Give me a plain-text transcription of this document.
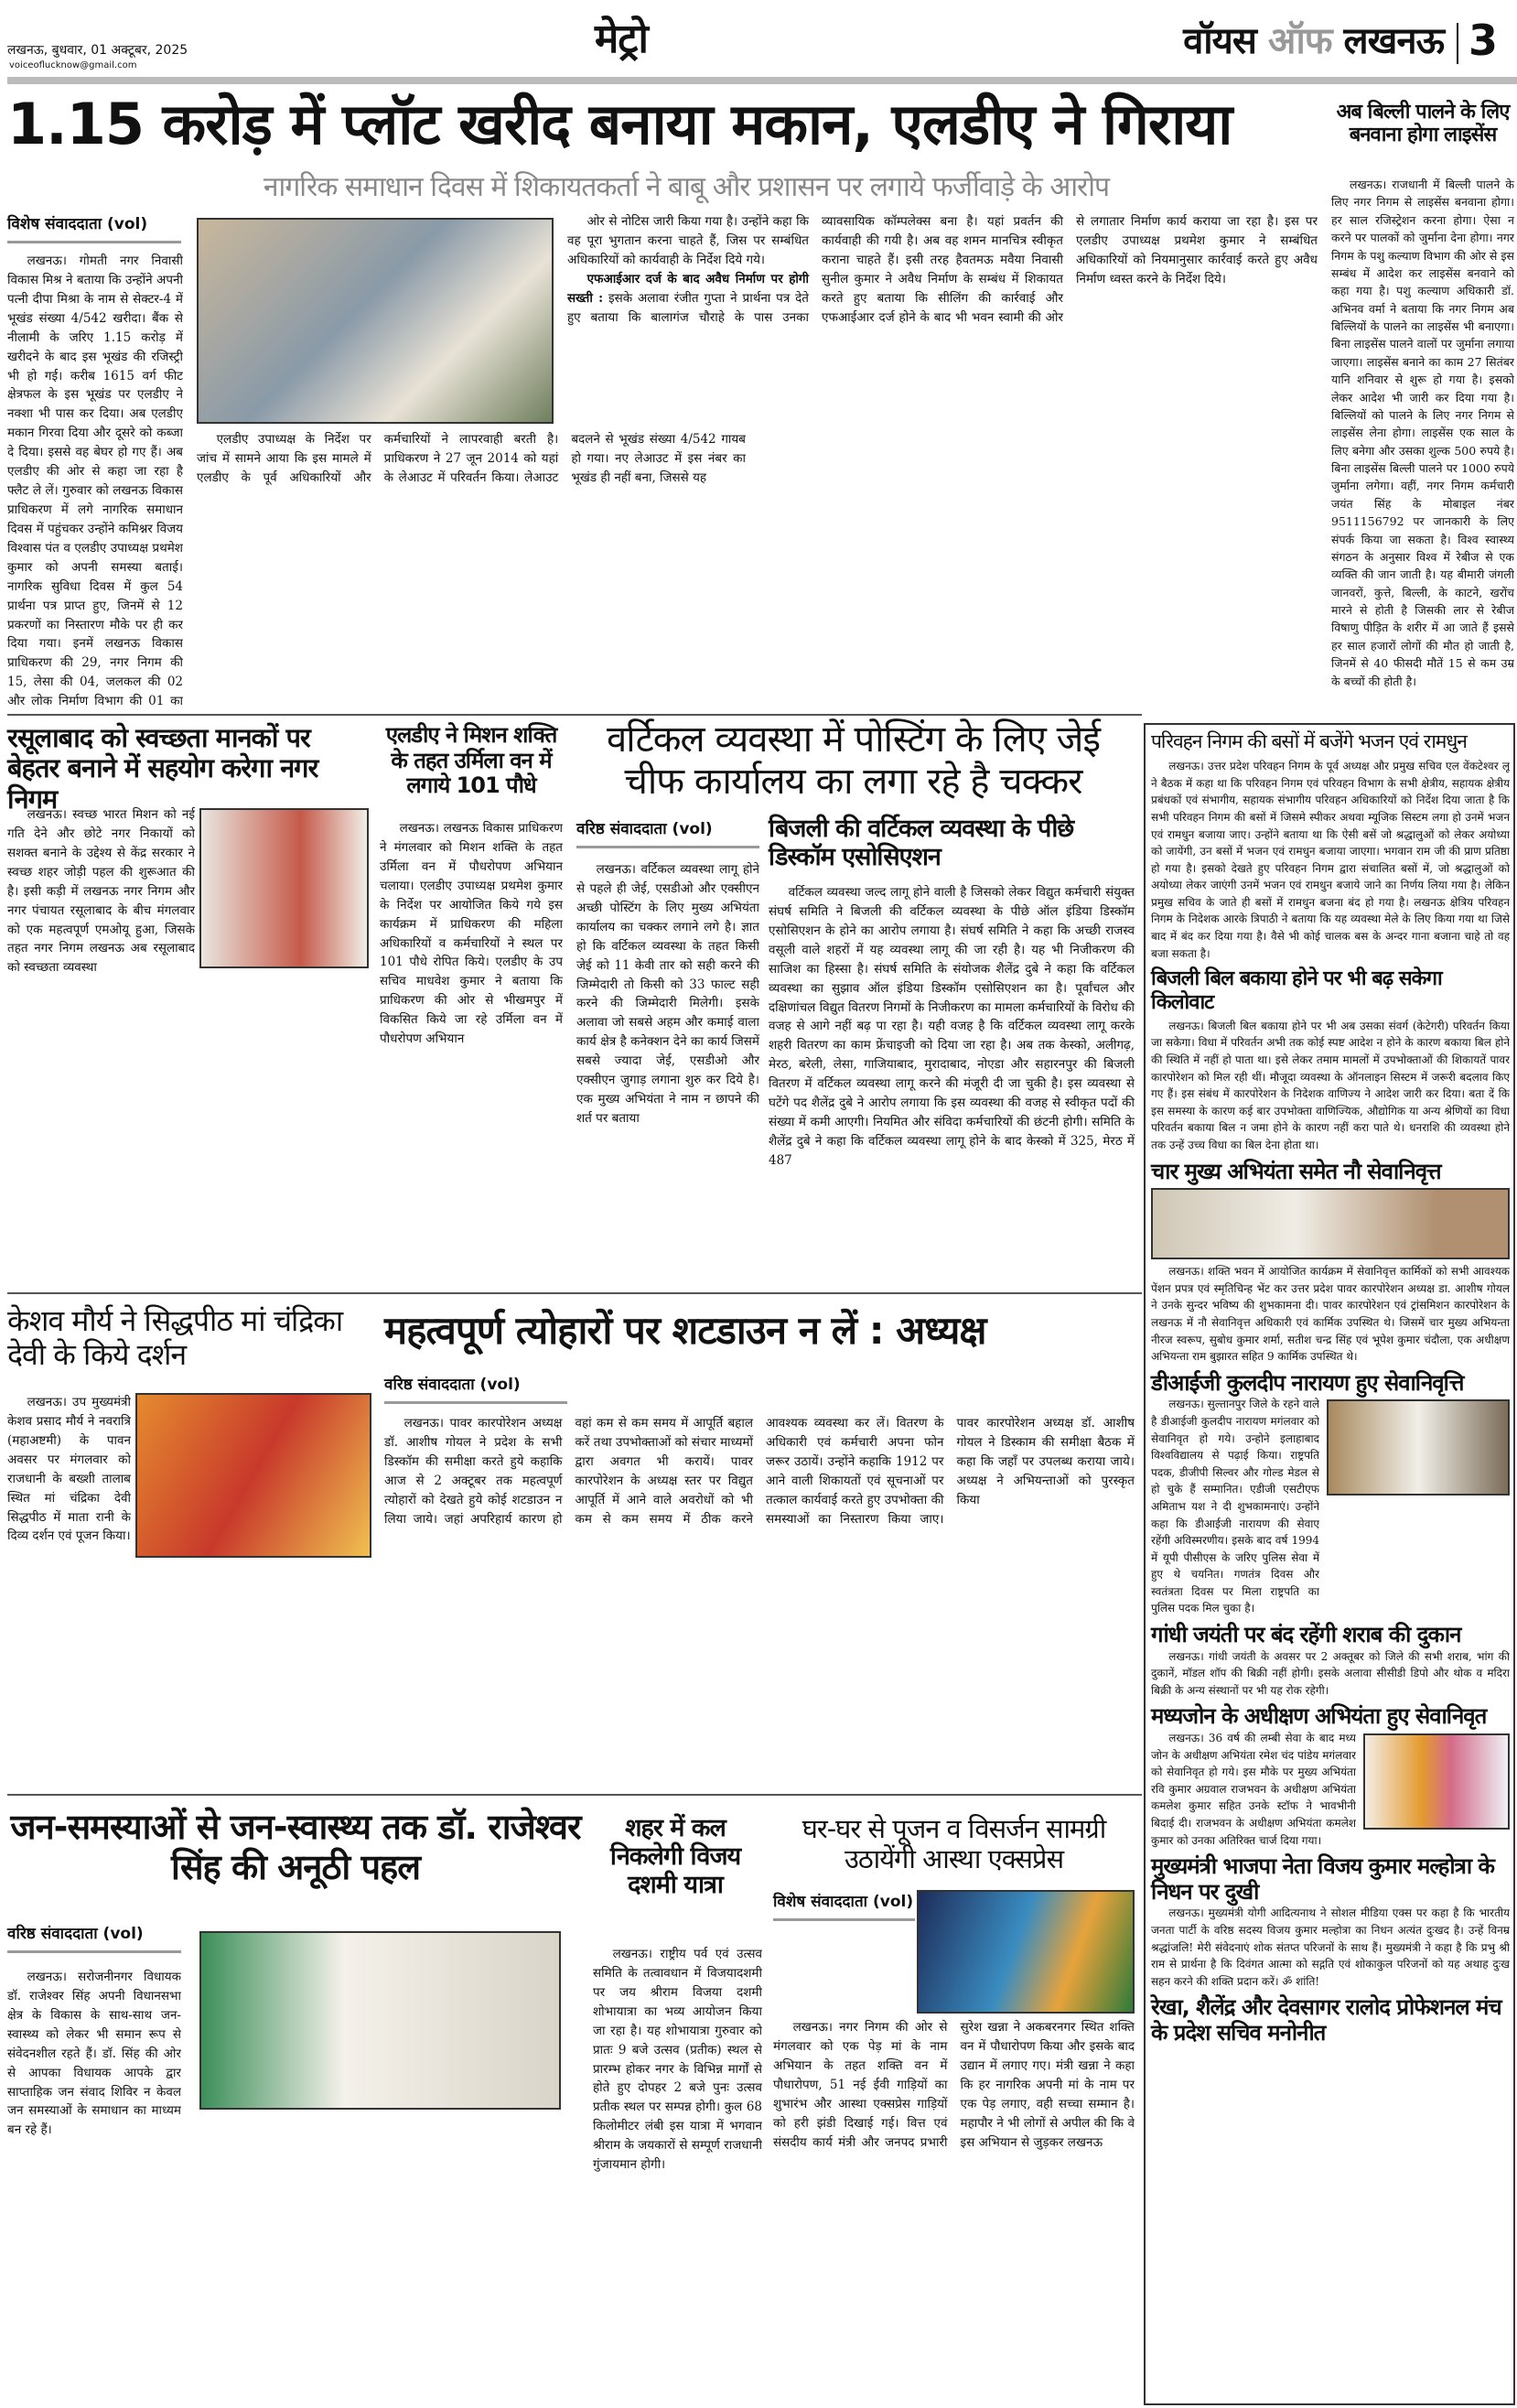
लखनऊ, बुधवार, 01 अक्टूबर, 2025
voiceoflucknow@gmail.com
मेट्रो	वॉयस ऑफ लखनऊ 3
1.15 करोड़ में प्लॉट खरीद बनाया मकान, एलडीए ने गिराया
नागरिक समाधान दिवस में शिकायतकर्ता ने बाबू और प्रशासन पर लगाये फर्जीवाड़े के आरोप
विशेष संवाददाता (vol)

लखनऊ। गोमती नगर निवासी विकास मिश्र ने बताया कि उन्होंने अपनी पत्नी दीपा मिश्रा के नाम से सेक्टर-4 में भूखंड संख्या 4/542 खरीदा। बैंक से नीलामी के जरिए 1.15 करोड़ में खरीदने के बाद इस भूखंड की रजिस्ट्री भी हो गई। करीब 1615 वर्ग फीट क्षेत्रफल के इस भूखंड पर एलडीए ने नक्शा भी पास कर दिया। अब एलडीए मकान गिरवा दिया और दूसरे को कब्जा दे दिया। इससे वह बेघर हो गए हैं। अब एलडीए की ओर से कहा जा रहा है फ्लैट ले लें। गुरुवार को लखनऊ विकास प्राधिकरण में लगे नागरिक समाधान दिवस में पहुंचकर उन्होंने कमिश्नर विजय विश्वास पंत व एलडीए उपाध्यक्ष प्रथमेश कुमार को अपनी समस्या बताई। नागरिक सुविधा दिवस में कुल 54 प्रार्थना पत्र प्राप्त हुए, जिनमें से 12 प्रकरणों का निस्तारण मौके पर ही कर दिया गया। इनमें लखनऊ विकास प्राधिकरण की 29, नगर निगम की 15, लेसा की 04, जलकल की 02 और लोक निर्माण विभाग की 01 का

एलडीए उपाध्यक्ष के निर्देश पर जांच में सामने आया कि इस मामले में एलडीए के पूर्व अधिकारियों और कर्मचारियों ने लापरवाही बरती है। प्राधिकरण ने 27 जून 2014 को यहां के लेआउट में परिवर्तन किया। लेआउट बदलने से भूखंड संख्या 4/542 गायब हो गया। नए लेआउट में इस नंबर का भूखंड ही नहीं बना, जिससे यह

ओर से नोटिस जारी किया गया है। उन्होंने कहा कि वह पूरा भुगतान करना चाहते हैं, जिस पर सम्बंधित अधिकारियों को कार्यवाही के निर्देश दिये गये।

एफआईआर दर्ज के बाद अवैध निर्माण पर होगी सख्ती : इसके अलावा रंजीत गुप्ता ने प्रार्थना पत्र देते हुए बताया कि बालागंज चौराहे के पास उनका व्यावसायिक कॉम्पलेक्स बना है। यहां प्रवर्तन की कार्यवाही की गयी है। अब वह शमन मानचित्र स्वीकृत कराना चाहते हैं। इसी तरह हैवतमऊ मवैया निवासी सुनील कुमार ने अवैध निर्माण के सम्बंध में शिकायत करते हुए बताया कि सीलिंग की कार्रवाई और एफआईआर दर्ज होने के बाद भी भवन स्वामी की ओर से लगातार निर्माण कार्य कराया जा रहा है। इस पर एलडीए उपाध्यक्ष प्रथमेश कुमार ने सम्बंधित अधिकारियों को नियमानुसार कार्रवाई करते हुए अवैध निर्माण ध्वस्त करने के निर्देश दिये।

अब बिल्ली पालने के लिए बनवाना होगा लाइसेंस

लखनऊ। राजधानी में बिल्ली पालने के लिए नगर निगम से लाइसेंस बनवाना होगा। हर साल रजिस्ट्रेशन करना होगा। ऐसा न करने पर पालकों को जुर्माना देना होगा। नगर निगम के पशु कल्याण विभाग की ओर से इस सम्बंध में आदेश कर लाइसेंस बनवाने को कहा गया है। पशु कल्याण अधिकारी डॉ. अभिनव वर्मा ने बताया कि नगर निगम अब बिल्लियों के पालने का लाइसेंस भी बनाएगा। बिना लाइसेंस पालने वालों पर जुर्माना लगाया जाएगा। लाइसेंस बनाने का काम 27 सितंबर यानि शनिवार से शुरू हो गया है। इसको लेकर आदेश भी जारी कर दिया गया है। बिल्लियों को पालने के लिए नगर निगम से लाइसेंस लेना होगा। लाइसेंस एक साल के लिए बनेगा और उसका शुल्क 500 रुपये है। बिना लाइसेंस बिल्ली पालने पर 1000 रुपये जुर्माना लगेगा। वहीं, नगर निगम कर्मचारी जयंत सिंह के मोबाइल नंबर 9511156792 पर जानकारी के लिए संपर्क किया जा सकता है। विश्व स्वास्थ्य संगठन के अनुसार विश्व में रेबीज से एक व्यक्ति की जान जाती है। यह बीमारी जंगली जानवरों, कुत्ते, बिल्ली, के काटने, खरोंच मारने से होती है जिसकी लार से रेबीज विषाणु पीड़ित के शरीर में आ जाते हैं इससे हर साल हजारों लोगों की मौत हो जाती है, जिनमें से 40 फीसदी मौतें 15 से कम उम्र के बच्चों की होती है।

रसूलाबाद को स्वच्छता मानकों पर बेहतर बनाने में सहयोग करेगा नगर निगम

लखनऊ। स्वच्छ भारत मिशन को नई गति देने और छोटे नगर निकायों को सशक्त बनाने के उद्देश्य से केंद्र सरकार ने स्वच्छ शहर जोड़ी पहल की शुरूआत की है। इसी कड़ी में लखनऊ नगर निगम और नगर पंचायत रसूलाबाद के बीच मंगलवार को एक महत्वपूर्ण एमओयू हुआ, जिसके तहत नगर निगम लखनऊ अब रसूलाबाद को स्वच्छता व्यवस्था

एलडीए ने मिशन शक्ति के तहत उर्मिला वन में लगाये 101 पौधे

लखनऊ। लखनऊ विकास प्राधिकरण ने मंगलवार को मिशन शक्ति के तहत उर्मिला वन में पौधरोपण अभियान चलाया। एलडीए उपाध्यक्ष प्रथमेश कुमार के निर्देश पर आयोजित किये गये इस कार्यक्रम में प्राधिकरण की महिला अधिकारियों व कर्मचारियों ने स्थल पर 101 पौधे रोपित किये। एलडीए के उप सचिव माधवेश कुमार ने बताया कि प्राधिकरण की ओर से भीखमपुर में विकसित किये जा रहे उर्मिला वन में पौधरोपण अभियान

वर्टिकल व्यवस्था में पोस्टिंग के लिए जेई चीफ कार्यालय का लगा रहे है चक्कर
वरिष्ठ संवाददाता (vol)

लखनऊ। वर्टिकल व्यवस्था लागू होने से पहले ही जेई, एसडीओ और एक्सीएन अच्छी पोस्टिंग के लिए मुख्य अभियंता कार्यालय का चक्कर लगाने लगे है। ज्ञात हो कि वर्टिकल व्यवस्था के तहत किसी जेई को 11 केवी तार को सही करने की जिम्मेदारी तो किसी को 33 फाल्ट सही करने की जिम्मेदारी मिलेगी। इसके अलावा जो सबसे अहम और कमाई वाला कार्य क्षेत्र है कनेक्शन देने का कार्य जिसमें सबसे ज्यादा जेई, एसडीओ और एक्सीएन जुगाड़ लगाना शुरु कर दिये है। एक मुख्य अभियंता ने नाम न छापने की शर्त पर बताया

बिजली की वर्टिकल व्यवस्था के पीछे डिस्कॉम एसोसिएशन

वर्टिकल व्यवस्था जल्द लागू होने वाली है जिसको लेकर विद्युत कर्मचारी संयुक्त संघर्ष समिति ने बिजली की वर्टिकल व्यवस्था के पीछे ऑल इंडिया डिस्कॉम एसोसिएशन के होने का आरोप लगाया है। संघर्ष समिति ने कहा कि अच्छी राजस्व वसूली वाले शहरों में यह व्यवस्था लागू की जा रही है। यह भी निजीकरण की साजिश का हिस्सा है। संघर्ष समिति के संयोजक शैलेंद्र दुबे ने कहा कि वर्टिकल व्यवस्था का सुझाव ऑल इंडिया डिस्कॉम एसोसिएशन का है। पूर्वांचल और दक्षिणांचल विद्युत वितरण निगमों के निजीकरण का मामला कर्मचारियों के विरोध की वजह से आगे नहीं बढ़ पा रहा है। यही वजह है कि वर्टिकल व्यवस्था लागू करके शहरी वितरण का काम फ्रेंचाइजी को दिया जा रहा है। अब तक केस्को, अलीगढ़, मेरठ, बरेली, लेसा, गाजियाबाद, मुरादाबाद, नोएडा और सहारनपुर की बिजली वितरण में वर्टिकल व्यवस्था लागू करने की मंजूरी दी जा चुकी है। इस व्यवस्था से घटेंगे पद शैलेंद्र दुबे ने आरोप लगाया कि इस व्यवस्था की वजह से स्वीकृत पदों की संख्या में कमी आएगी। नियमित और संविदा कर्मचारियों की छंटनी होगी। समिति के शैलेंद्र दुबे ने कहा कि वर्टिकल व्यवस्था लागू होने के बाद केस्को में 325, मेरठ में 487

केशव मौर्य ने सिद्धपीठ मां चंद्रिका देवी के किये दर्शन

लखनऊ। उप मुख्यमंत्री केशव प्रसाद मौर्य ने नवरात्रि (महाअष्टमी) के पावन अवसर पर मंगलवार को राजधानी के बख्शी तालाब स्थित मां चंद्रिका देवी सिद्धपीठ में माता रानी के दिव्य दर्शन एवं पूजन किया।

महत्वपूर्ण त्योहारों पर शटडाउन न लें : अध्यक्ष
वरिष्ठ संवाददाता (vol)

लखनऊ। पावर कारपोरेशन अध्यक्ष डॉ. आशीष गोयल ने प्रदेश के सभी डिस्कॉम की समीक्षा करते हुये कहाकि आज से 2 अक्टूबर तक महत्वपूर्ण त्योहारों को देखते हुये कोई शटडाउन न लिया जाये। जहां अपरिहार्य कारण हो वहां कम से कम समय में आपूर्ति बहाल करें तथा उपभोक्ताओं को संचार माध्यमों द्वारा अवगत भी करायें। पावर कारपोरेशन के अध्यक्ष स्तर पर विद्युत आपूर्ति में आने वाले अवरोधों को भी कम से कम समय में ठीक करने आवश्यक व्यवस्था कर लें। वितरण के अधिकारी एवं कर्मचारी अपना फोन जरूर उठायें। उन्होंने कहाकि 1912 पर आने वाली शिकायतों एवं सूचनाओं पर तत्काल कार्यवाई करते हुए उपभोक्ता की समस्याओं का निस्तारण किया जाए। पावर कारपोरेशन अध्यक्ष डॉ. आशीष गोयल ने डिस्काम की समीक्षा बैठक में कहा कि जहाँ पर उपलब्ध कराया जाये। अध्यक्ष ने अभियन्ताओं को पुरस्कृत किया

जन-समस्याओं से जन-स्वास्थ्य तक डॉ. राजेश्वर सिंह की अनूठी पहल
वरिष्ठ संवाददाता (vol)

लखनऊ। सरोजनीनगर विधायक डॉ. राजेश्वर सिंह अपनी विधानसभा क्षेत्र के विकास के साथ-साथ जन-स्वास्थ्य को लेकर भी समान रूप से संवेदनशील रहते हैं। डॉ. सिंह की ओर से आपका विधायक आपके द्वार साप्ताहिक जन संवाद शिविर न केवल जन समस्याओं के समाधान का माध्यम बन रहे हैं।

शहर में कल निकलेगी विजय दशमी यात्रा

लखनऊ। राष्ट्रीय पर्व एवं उत्सव समिति के तत्वावधान में विजयादशमी पर जय श्रीराम विजया दशमी शोभायात्रा का भव्य आयोजन किया जा रहा है। यह शोभायात्रा गुरुवार को प्रातः 9 बजे उत्सव (प्रतीक) स्थल से प्रारम्भ होकर नगर के विभिन्न मार्गों से होते हुए दोपहर 2 बजे पुनः उत्सव प्रतीक स्थल पर सम्पन्न होगी। कुल 68 किलोमीटर लंबी इस यात्रा में भगवान श्रीराम के जयकारों से सम्पूर्ण राजधानी गुंजायमान होगी।

घर-घर से पूजन व विसर्जन सामग्री उठायेंगी आस्था एक्सप्रेस
विशेष संवाददाता (vol)

लखनऊ। नगर निगम की ओर से मंगलवार को एक पेड़ मां के नाम अभियान के तहत शक्ति वन में पौधारोपण, 51 नई ईवी गाड़ियों का शुभारंभ और आस्था एक्सप्रेस गाड़ियों को हरी झंडी दिखाई गई। वित्त एवं संसदीय कार्य मंत्री और जनपद प्रभारी सुरेश खन्ना ने अकबरनगर स्थित शक्ति वन में पौधारोपण किया और इसके बाद उद्यान में लगाए गए। मंत्री खन्ना ने कहा कि हर नागरिक अपनी मां के नाम पर एक पेड़ लगाए, वही सच्चा सम्मान है। महापौर ने भी लोगों से अपील की कि वे इस अभियान से जुड़कर लखनऊ

परिवहन निगम की बसों में बजेंगे भजन एवं रामधुन

लखनऊ। उत्तर प्रदेश परिवहन निगम के पूर्व अध्यक्ष और प्रमुख सचिव एल वेंकटेश्वर लू ने बैठक में कहा था कि परिवहन निगम एवं परिवहन विभाग के सभी क्षेत्रीय, सहायक क्षेत्रीय प्रबंधकों एवं संभागीय, सहायक संभागीय परिवहन अधिकारियों को निर्देश दिया जाता है कि सभी परिवहन निगम की बसों में जिसमे स्पीकर अथवा म्यूजिक सिस्टम लगा हो उनमें भजन एवं रामधुन बजाया जाए। उन्होंने बताया था कि ऐसी बसें जो श्रद्धालुओं को लेकर अयोध्या को जायेंगी, उन बसों में भजन एवं रामधुन बजाया जाएगा। भगवान राम जी की प्राण प्रतिष्ठा हो गया है। इसको देखते हुए परिवहन निगम द्वारा संचालित बसों में, जो श्रद्धालुओं को अयोध्या लेकर जाएंगी उनमें भजन एवं रामधुन बजाये जाने का निर्णय लिया गया है। लेकिन प्रमुख सचिव के जाते ही बसों में रामधुन बजना बंद हो गया है। लखनऊ क्षेत्रिय परिवहन निगम के निदेशक आरके त्रिपाठी ने बताया कि यह व्यवस्था मेले के लिए किया गया था जिसे बाद में बंद कर दिया गया है। वैसे भी कोई चालक बस के अन्दर गाना बजाना चाहे तो वह बजा सकता है।

बिजली बिल बकाया होने पर भी बढ़ सकेगा किलोवाट

लखनऊ। बिजली बिल बकाया होने पर भी अब उसका संवर्ग (केटेगरी) परिवर्तन किया जा सकेगा। विधा में परिवर्तन अभी तक कोई स्पष्ट आदेश न होने के कारण बकाया बिल होने की स्थिति में नहीं हो पाता था। इसे लेकर तमाम मामलों में उपभोक्ताओं की शिकायतें पावर कारपोरेशन को मिल रही थीं। मौजूदा व्यवस्था के ऑनलाइन सिस्टम में जरूरी बदलाव किए गए हैं। इस संबंध में कारपोरेशन के निदेशक वाणिज्य ने आदेश जारी कर दिया। बता दें कि इस समस्या के कारण कई बार उपभोक्ता वाणिज्यिक, औद्योगिक या अन्य श्रेणियों का विधा परिवर्तन बकाया बिल न जमा होने के कारण नहीं करा पाते थे। धनराशि की व्यवस्था होने तक उन्हें उच्च विधा का बिल देना होता था।

चार मुख्य अभियंता समेत नौ सेवानिवृत्त

लखनऊ। शक्ति भवन में आयोजित कार्यक्रम में सेवानिवृत्त कार्मिकों को सभी आवश्यक पेंशन प्रपत्र एवं स्मृतिचिन्ह भेंट कर उत्तर प्रदेश पावर कारपोरेशन अध्यक्ष डा. आशीष गोयल ने उनके सुन्दर भविष्य की शुभकामना दी। पावर कारपोरेशन एवं ट्रांसमिशन कारपोरेशन के लखनऊ में नौ सेवानिवृत्त अधिकारी एवं कार्मिक उपस्थित थे। जिसमें चार मुख्य अभियन्ता नीरज स्वरूप, सुबोध कुमार शर्मा, सतीश चन्द्र सिंह एवं भूपेश कुमार चंदौला, एक अधीक्षण अभियन्ता राम बुझारत सहित 9 कार्मिक उपस्थित थे।

डीआईजी कुलदीप नारायण हुए सेवानिवृत्ति

लखनऊ। सुल्तानपुर जिले के रहने वाले है डीआईजी कुलदीप नारायण मगंलवार को सेवानिवृत हो गये। उन्होने इलाहाबाद विश्वविद्यालय से पढ़ाई किया। राष्ट्रपति पदक, डीजीपी सिल्वर और गोल्ड मेडल से हो चुके हैं सम्मानित। एडीजी एसटीएफ अमिताभ यश ने दी शुभकामनाएं। उन्होंने कहा कि डीआईजी नारायण की सेवाए रहेंगी अविस्मरणीय। इसके बाद वर्ष 1994 में यूपी पीसीएस के जरिए पुलिस सेवा में हुए थे चयनित। गणतंत्र दिवस और स्वतंत्रता दिवस पर मिला राष्ट्रपति का पुलिस पदक मिल चुका है।

गांधी जयंती पर बंद रहेंगी शराब की दुकान

लखनऊ। गांधी जयंती के अवसर पर 2 अक्तूबर को जिले की सभी शराब, भांग की दुकानें, मॉडल शॉप की बिक्री नहीं होगी। इसके अलावा सीसीडी डिपो और थोक व मदिरा बिक्री के अन्य संस्थानों पर भी यह रोक रहेगी।

मध्यजोन के अधीक्षण अभियंता हुए सेवानिवृत

लखनऊ। 36 वर्ष की लम्बी सेवा के बाद मध्य जोन के अधीक्षण अभियंता रमेश चंद पांडेय मगंलवार को सेवानिवृत हो गये। इस मौके पर मुख्य अभियंता रवि कुमार अग्रवाल राजभवन के अधीक्षण अभियंता कमलेश कुमार सहित उनके स्टॉफ ने भावभीनी बिदाई दी। राजभवन के अधीक्षण अभियंता कमलेश कुमार को उनका अतिरिक्त चार्ज दिया गया।

मुख्यमंत्री भाजपा नेता विजय कुमार मल्होत्रा के निधन पर दुखी

लखनऊ। मुख्यमंत्री योगी आदित्यनाथ ने सोशल मीडिया एक्स पर कहा है कि भारतीय जनता पार्टी के वरिष्ठ सदस्य विजय कुमार मल्होत्रा का निधन अत्यंत दुःखद है। उन्हें विनम्र श्रद्धांजलि! मेरी संवेदनाएं शोक संतप्त परिजनों के साथ हैं। मुख्यमंत्री ने कहा है कि प्रभु श्री राम से प्रार्थना है कि दिवंगत आत्मा को सद्गति एवं शोकाकुल परिजनों को यह अथाह दुःख सहन करने की शक्ति प्रदान करें। ॐ शांति!

रेखा, शैलेंद्र और देवसागर रालोद प्रोफेशनल मंच के प्रदेश सचिव मनोनीत
